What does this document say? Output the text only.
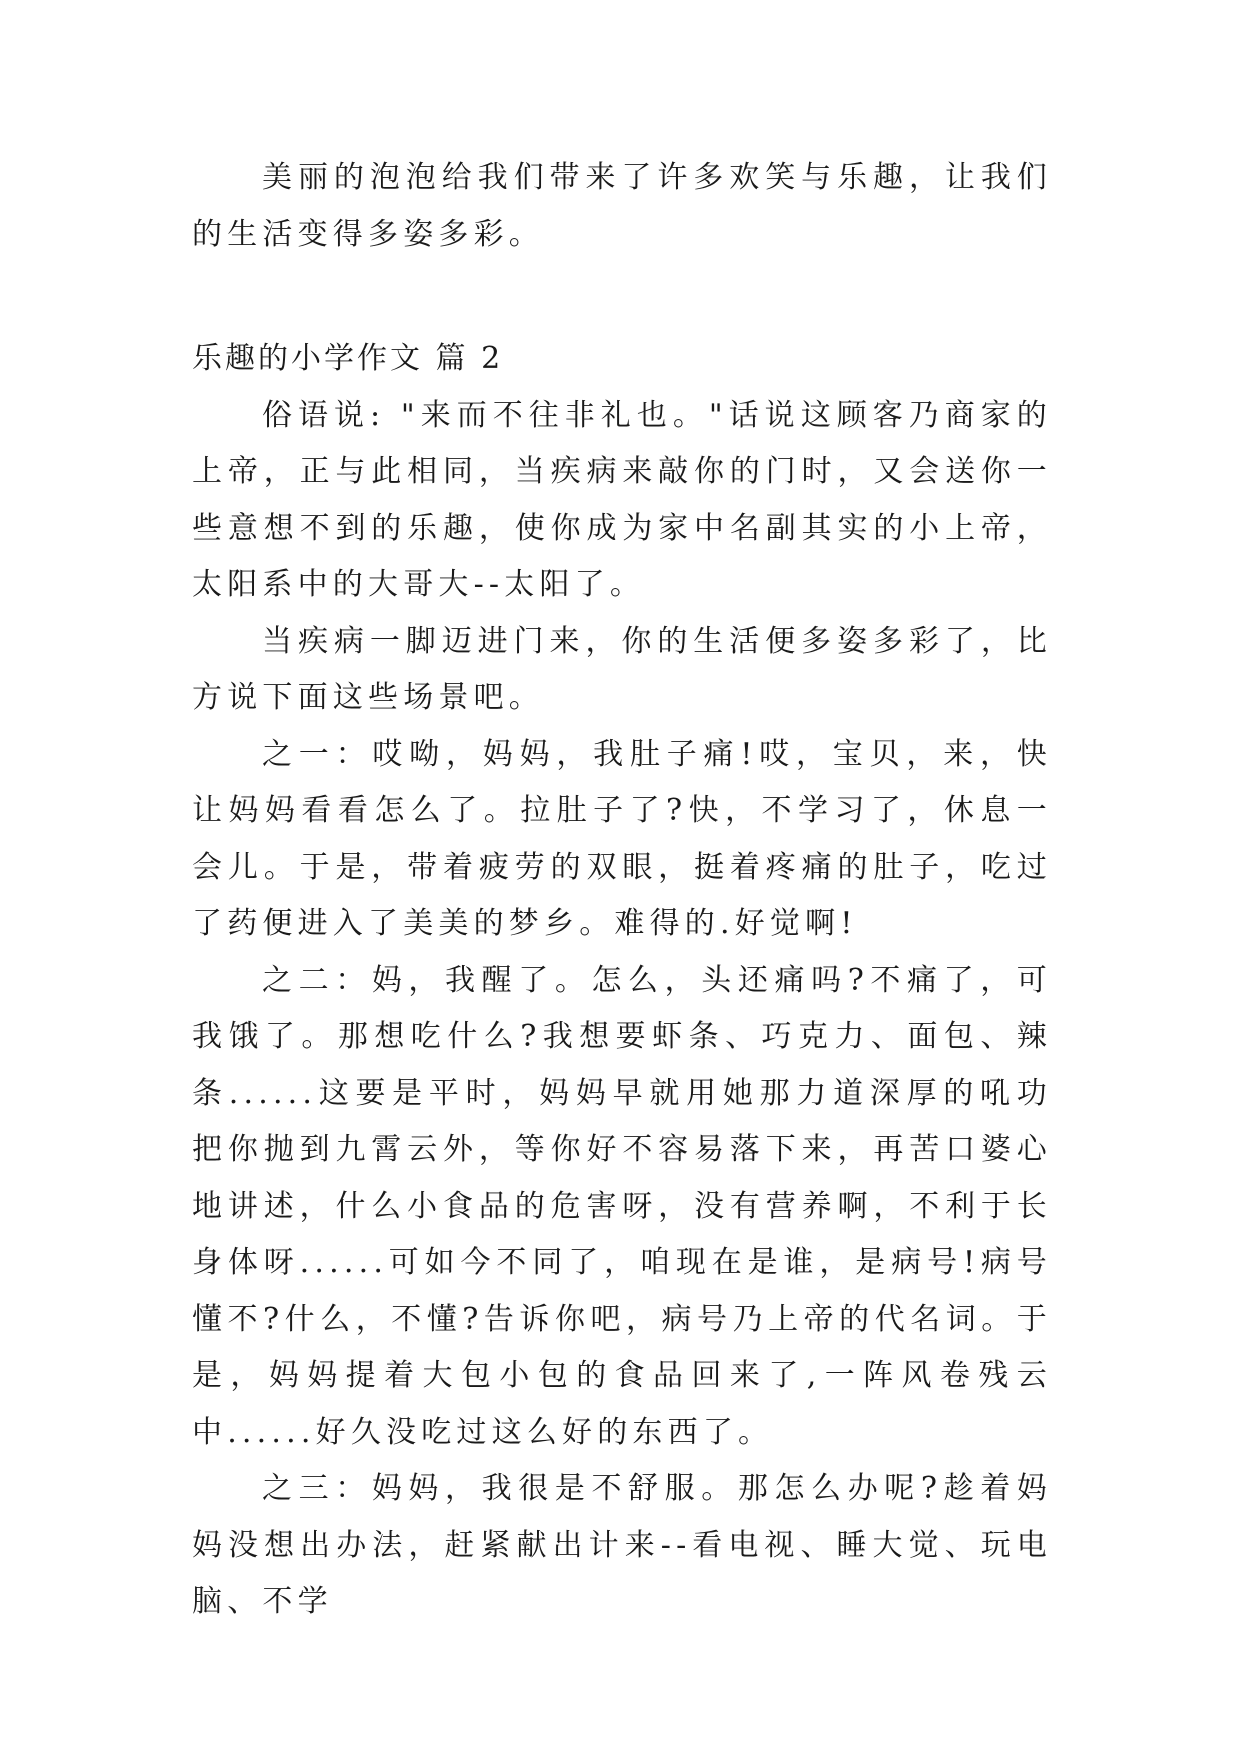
美丽的泡泡给我们带来了许多欢笑与乐趣，让我们的生活变得多姿多彩。

乐趣的小学作文 篇 2

俗语说: "来而不往非礼也。"话说这顾客乃商家的上帝，正与此相同，当疾病来敲你的门时，又会送你一些意想不到的乐趣，使你成为家中名副其实的小上帝，太阳系中的大哥大--太阳了。

当疾病一脚迈进门来，你的生活便多姿多彩了，比方说下面这些场景吧。

之一：哎呦，妈妈，我肚子痛!哎，宝贝，来，快让妈妈看看怎么了。拉肚子了?快，不学习了，休息一会儿。于是，带着疲劳的双眼，挺着疼痛的肚子，吃过了药便进入了美美的梦乡。难得的.好觉啊!

之二：妈，我醒了。怎么，头还痛吗?不痛了，可我饿了。那想吃什么?我想要虾条、巧克力、面包、辣条......这要是平时，妈妈早就用她那力道深厚的吼功把你抛到九霄云外，等你好不容易落下来，再苦口婆心地讲述，什么小食品的危害呀，没有营养啊，不利于长身体呀......可如今不同了，咱现在是谁，是病号!病号懂不?什么，不懂?告诉你吧，病号乃上帝的代名词。于是，妈妈提着大包小包的食品回来了,一阵风卷残云中......好久没吃过这么好的东西了。

之三：妈妈，我很是不舒服。那怎么办呢?趁着妈妈没想出办法，赶紧献出计来--看电视、睡大觉、玩电脑、不学
